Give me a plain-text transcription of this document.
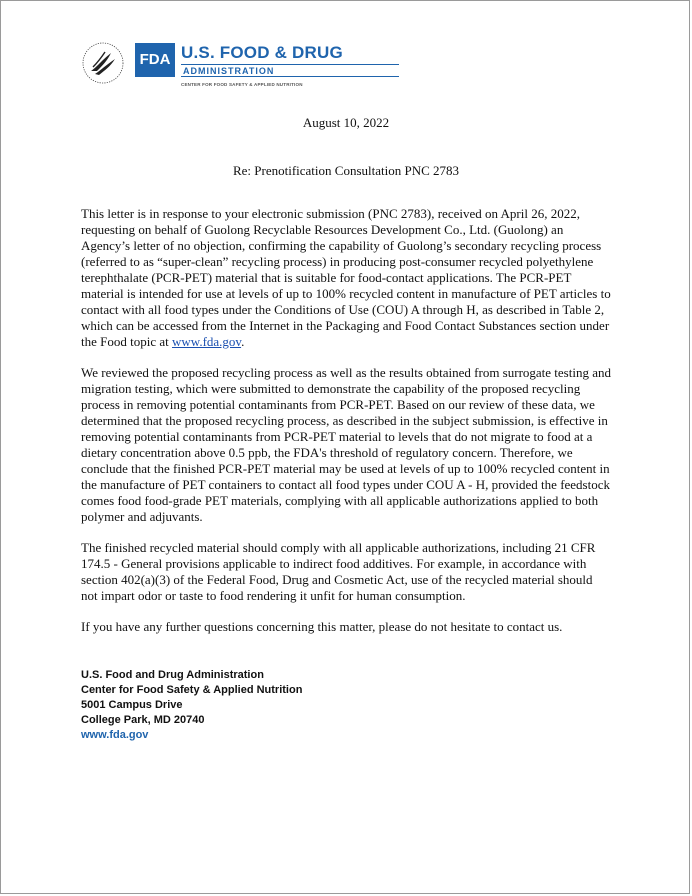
FDA U.S. FOOD & DRUG
ADMINISTRATION
CENTER FOR FOOD SAFETY & APPLIED NUTRITION
August 10, 2022
Re: Prenotification Consultation PNC 2783

This letter is in response to your electronic submission (PNC 2783), received on April 26, 2022, requesting on behalf of Guolong Recyclable Resources Development Co., Ltd. (Guolong) an Agency’s letter of no objection, confirming the capability of Guolong’s secondary recycling process (referred to as “super-clean” recycling process) in producing post-consumer recycled polyethylene terephthalate (PCR-PET) material that is suitable for food-contact applications. The PCR-PET material is intended for use at levels of up to 100% recycled content in manufacture of PET articles to contact with all food types under the Conditions of Use (COU) A through H, as described in Table 2, which can be accessed from the Internet in the Packaging and Food Contact Substances section under the Food topic at www.fda.gov.

We reviewed the proposed recycling process as well as the results obtained from surrogate testing and migration testing, which were submitted to demonstrate the capability of the proposed recycling process in removing potential contaminants from PCR-PET. Based on our review of these data, we determined that the proposed recycling process, as described in the subject submission, is effective in removing potential contaminants from PCR-PET material to levels that do not migrate to food at a dietary concentration above 0.5 ppb, the FDA's threshold of regulatory concern. Therefore, we conclude that the finished PCR-PET material may be used at levels of up to 100% recycled content in the manufacture of PET containers to contact all food types under COU A - H, provided the feedstock comes food food-grade PET materials, complying with all applicable authorizations applied to both polymer and adjuvants.

The finished recycled material should comply with all applicable authorizations, including 21 CFR 174.5 - General provisions applicable to indirect food additives. For example, in accordance with section 402(a)(3) of the Federal Food, Drug and Cosmetic Act, use of the recycled material should not impart odor or taste to food rendering it unfit for human consumption.

If you have any further questions concerning this matter, please do not hesitate to contact us.

U.S. Food and Drug Administration
Center for Food Safety & Applied Nutrition
5001 Campus Drive
College Park, MD 20740
www.fda.gov
